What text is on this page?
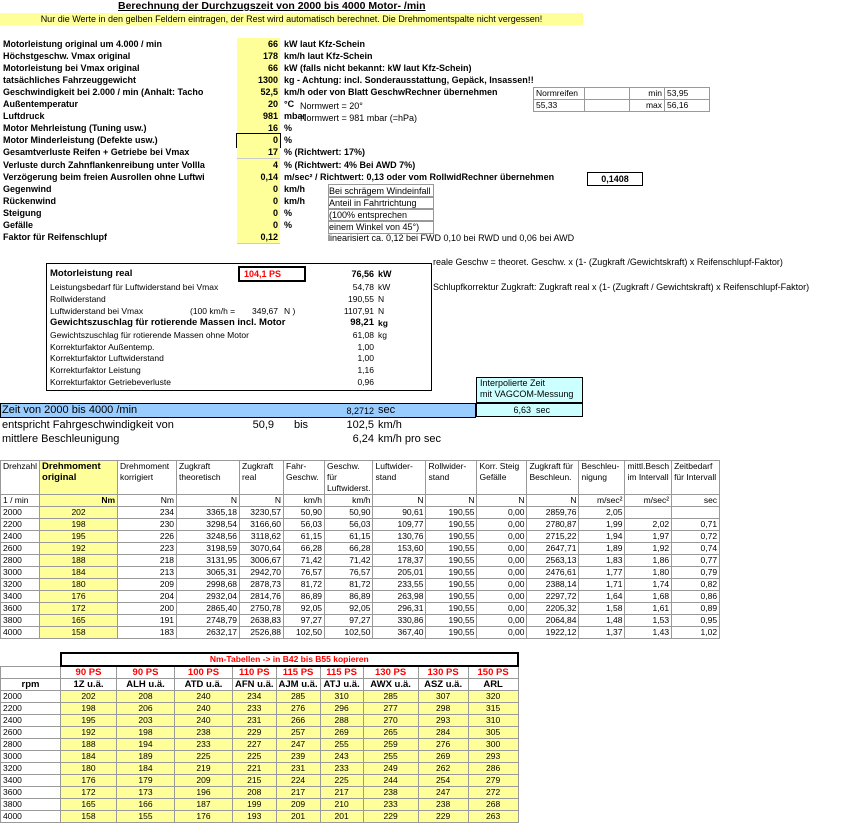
Berechnung der Durchzugszeit von 2000 bis 4000 Motor- /min
Nur die Werte in den gelben Feldern eintragen, der Rest wird automatisch berechnet. Die Drehmomentspalte nicht vergessen!
Motorleistung original um 4.000 / min	66 kW laut Kfz-Schein
Höchstgeschw. Vmax original	178 km/h laut Kfz-Schein
Motorleistung bei Vmax original	66 kW (falls nicht bekannt: kW laut Kfz-Schein)
tatsächliches Fahrzeuggewicht	1300 kg - Achtung: incl. Sonderausstattung, Gepäck, Insassen!!
Geschwindigkeit bei 2.000 / min (Anhalt: Tacho	52,5 km/h oder von Blatt GeschwRechner übernehmen
Außentemperatur	20 °C
Luftdruck	981 mbar
Motor Mehrleistung (Tuning usw.)	16 %
Motor Minderleistung (Defekte usw.)	0 %
Gesamtverluste Reifen + Getriebe bei Vmax	17 % (Richtwert: 17%)
Verluste durch Zahnflankenreibung unter Vollla	4 % (Richtwert: 4% Bei AWD 7%)
Verzögerung beim freien Ausrollen ohne Luftwi	0,14 m/sec² / Richtwert: 0,13 oder vom RollwidRechner übernehmen
Gegenwind	0 km/h
Rückenwind	0 km/h
Steigung	0 %
Gefälle	0 %
Faktor für Reifenschlupf	0,12
Normwert = 20°
Normwert = 981 mbar (=hPa)
0,1408
Bei schrägem Windeinfall
Anteil in Fahrtrichtung
(100% entsprechen
einem Winkel von 45°)
linearisiert ca. 0,12 bei FWD 0,10 bei RWD und 0,06 bei AWD
Normreifen		min	53,95
55,33		max	56,16
reale Geschw = theoret. Geschw. x (1- (Zugkraft /Gewichtskraft) x Reifenschlupf-Faktor)
Schlupfkorrektur Zugkraft: Zugkraft real x (1- (Zugkraft / Gewichtskraft) x Reifenschlupf-Faktor)
Motorleistung real	104,1 PS	76,56 kW
Leistungsbedarf für Luftwiderstand bei Vmax	54,78 kW
Rollwiderstand	190,55 N
Luftwiderstand bei Vmax	(100 km/h =	349,67 N )	1107,91 N
Gewichtszuschlag für rotierende Massen incl. Motor	98,21 kg
Gewichtszuschlag für rotierende Massen ohne Motor	61,08 kg
Korrekturfaktor Außentemp.	1,00
Korrekturfaktor Luftwiderstand	1,00
Korrekturfaktor Leistung	1,16
Korrekturfaktor Getriebeverluste	0,96	Interpolierte Zeit
mit VAGCOM-Messung
6,63 sec
Zeit von 2000 bis 4000 /min	8,2712 sec
entspricht Fahrgeschwindigkeit von	50,9 bis	102,5 km/h
mittlere Beschleunigung	6,24 km/h pro sec
Drehzahl	Drehmoment original	Drehmoment korrigiert	Zugkraft theoretisch	Zugkraft real	Fahr- Geschw.	Geschw. für Luftwiderst.	Luftwider- stand	Rollwider- stand	Korr. Steig Gefälle	Zugkraft für Beschleun.	Beschleu- nigung	mittl.Besch im Intervall	Zeitbedarf für Intervall
1 / min	Nm	Nm	N	N	km/h	km/h	N	N	N	N	m/sec²	m/sec²	sec
2000	202	234	3365,18	3230,57	50,90	50,90	90,61	190,55	0,00	2859,76	2,05		
2200	198	230	3298,54	3166,60	56,03	56,03	109,77	190,55	0,00	2780,87	1,99	2,02	0,71
2400	195	226	3248,56	3118,62	61,15	61,15	130,76	190,55	0,00	2715,22	1,94	1,97	0,72
2600	192	223	3198,59	3070,64	66,28	66,28	153,60	190,55	0,00	2647,71	1,89	1,92	0,74
2800	188	218	3131,95	3006,67	71,42	71,42	178,37	190,55	0,00	2563,13	1,83	1,86	0,77
3000	184	213	3065,31	2942,70	76,57	76,57	205,01	190,55	0,00	2476,61	1,77	1,80	0,79
3200	180	209	2998,68	2878,73	81,72	81,72	233,55	190,55	0,00	2388,14	1,71	1,74	0,82
3400	176	204	2932,04	2814,76	86,89	86,89	263,98	190,55	0,00	2297,72	1,64	1,68	0,86
3600	172	200	2865,40	2750,78	92,05	92,05	296,31	190,55	0,00	2205,32	1,58	1,61	0,89
3800	165	191	2748,79	2638,83	97,27	97,27	330,86	190,55	0,00	2064,84	1,48	1,53	0,95
4000	158	183	2632,17	2526,88	102,50	102,50	367,40	190,55	0,00	1922,12	1,37	1,43	1,02
	Nm-Tabellen -> in B42 bis B55 kopieren								
	90 PS	90 PS	100 PS	110 PS	115 PS	115 PS	130 PS	130 PS	150 PS
rpm	1Z u.ä.	ALH u.ä.	ATD u.ä.	AFN u.ä.	AJM u.ä.	ATJ u.ä.	AWX u.ä.	ASZ u.ä.	ARL
2000	202	208	240	234	285	310	285	307	320
2200	198	206	240	233	276	296	277	298	315
2400	195	203	240	231	266	288	270	293	310
2600	192	198	238	229	257	269	265	284	305
2800	188	194	233	227	247	255	259	276	300
3000	184	189	225	225	239	243	255	269	293
3200	180	184	219	221	231	233	249	262	286
3400	176	179	209	215	224	225	244	254	279
3600	172	173	196	208	217	217	238	247	272
3800	165	166	187	199	209	210	233	238	268
4000	158	155	176	193	201	201	229	229	263
